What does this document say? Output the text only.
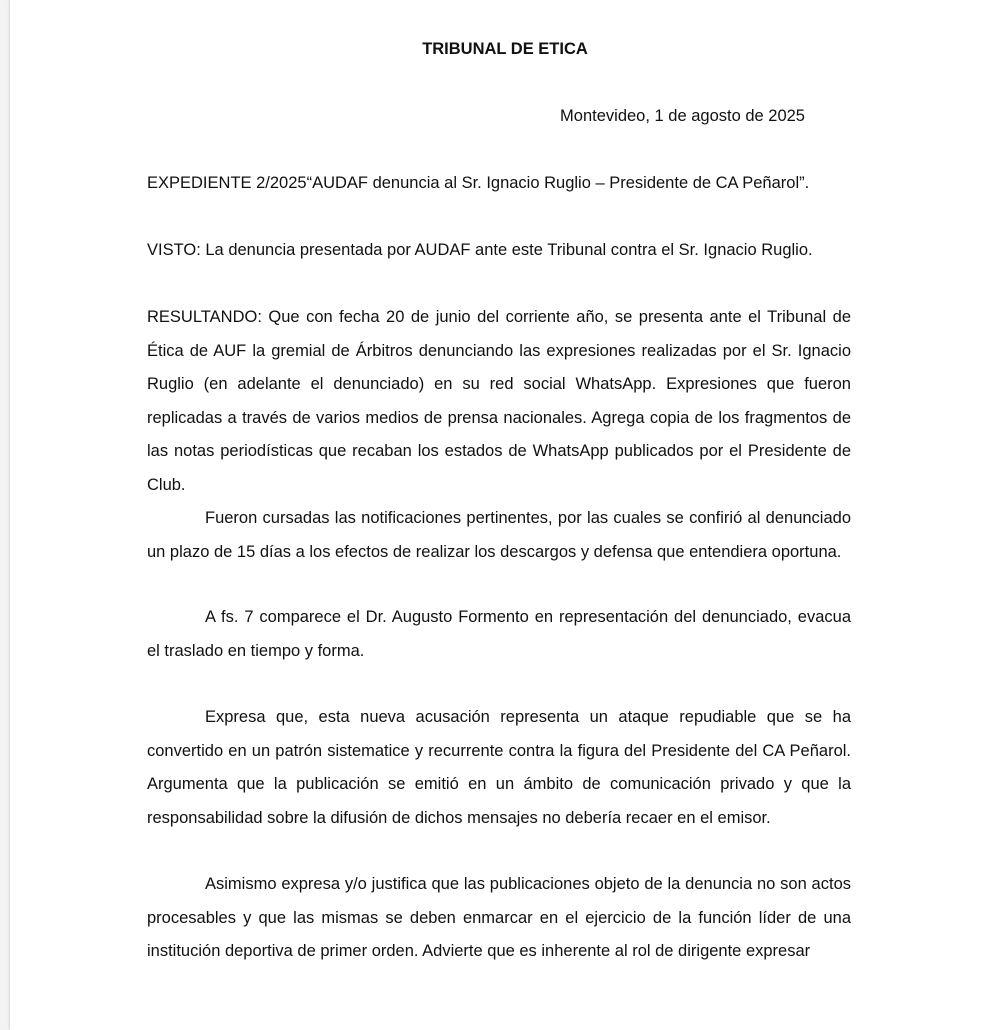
TRIBUNAL DE ETICA
Montevideo, 1 de agosto de 2025
EXPEDIENTE 2/2025“AUDAF denuncia al Sr. Ignacio Ruglio – Presidente de CA Peñarol”.
VISTO: La denuncia presentada por AUDAF ante este Tribunal contra el Sr. Ignacio Ruglio.
RESULTANDO: Que con fecha 20 de junio del corriente año, se presenta ante el Tribunal de Ética de AUF la gremial de Árbitros denunciando las expresiones realizadas por el Sr. Ignacio Ruglio (en adelante el denunciado) en su red social WhatsApp. Expresiones que fueron replicadas a través de varios medios de prensa nacionales. Agrega copia de los fragmentos de las notas periodísticas que recaban los estados de WhatsApp publicados por el Presidente de Club.
Fueron cursadas las notificaciones pertinentes, por las cuales se confirió al denunciado un plazo de 15 días a los efectos de realizar los descargos y defensa que entendiera oportuna.
A fs. 7 comparece el Dr. Augusto Formento en representación del denunciado, evacua el traslado en tiempo y forma.
Expresa que, esta nueva acusación representa un ataque repudiable que se ha convertido en un patrón sistematice y recurrente contra la figura del Presidente del CA Peñarol. Argumenta que la publicación se emitió en un ámbito de comunicación privado y que la responsabilidad sobre la difusión de dichos mensajes no debería recaer en el emisor.
Asimismo expresa y/o justifica que las publicaciones objeto de la denuncia no son actos procesables y que las mismas se deben enmarcar en el ejercicio de la función líder de una institución deportiva de primer orden. Advierte que es inherente al rol de dirigente expresar
